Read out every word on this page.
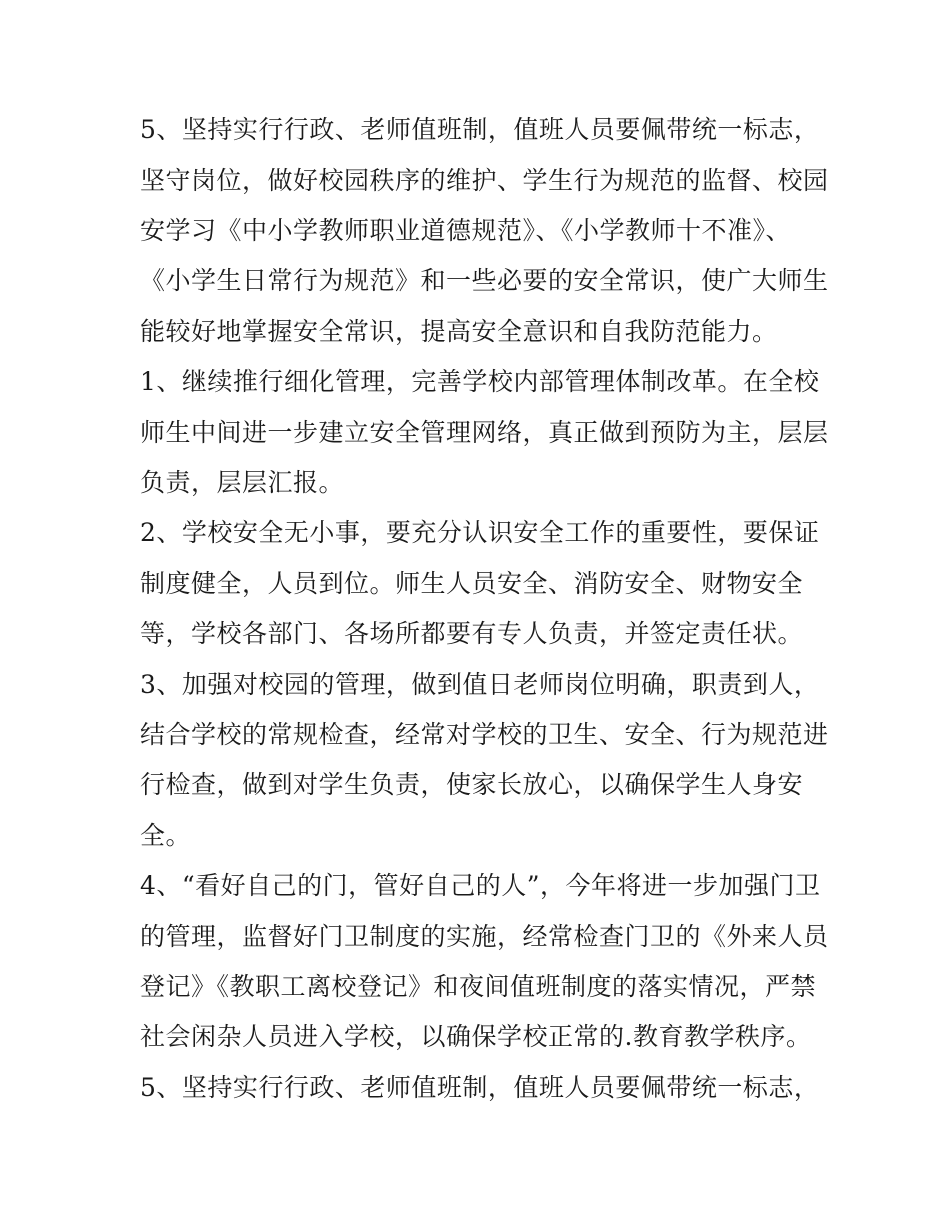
5、坚持实行行政、老师值班制，值班人员要佩带统一标志，
坚守岗位，做好校园秩序的维护、学生行为规范的监督、校园
安学习《中小学教师职业道德规范》、《小学教师十不准》、
《小学生日常行为规范》和一些必要的安全常识，使广大师生
能较好地掌握安全常识，提高安全意识和自我防范能力。
1、继续推行细化管理，完善学校内部管理体制改革。在全校
师生中间进一步建立安全管理网络，真正做到预防为主，层层
负责，层层汇报。
2、学校安全无小事，要充分认识安全工作的重要性，要保证
制度健全，人员到位。师生人员安全、消防安全、财物安全
等，学校各部门、各场所都要有专人负责，并签定责任状。
3、加强对校园的管理，做到值日老师岗位明确，职责到人，
结合学校的常规检查，经常对学校的卫生、安全、行为规范进
行检查，做到对学生负责，使家长放心，以确保学生人身安
全。
4、“看好自己的门，管好自己的人”，今年将进一步加强门卫
的管理，监督好门卫制度的实施，经常检查门卫的《外来人员
登记》《教职工离校登记》和夜间值班制度的落实情况，严禁
社会闲杂人员进入学校，以确保学校正常的.教育教学秩序。
5、坚持实行行政、老师值班制，值班人员要佩带统一标志，
